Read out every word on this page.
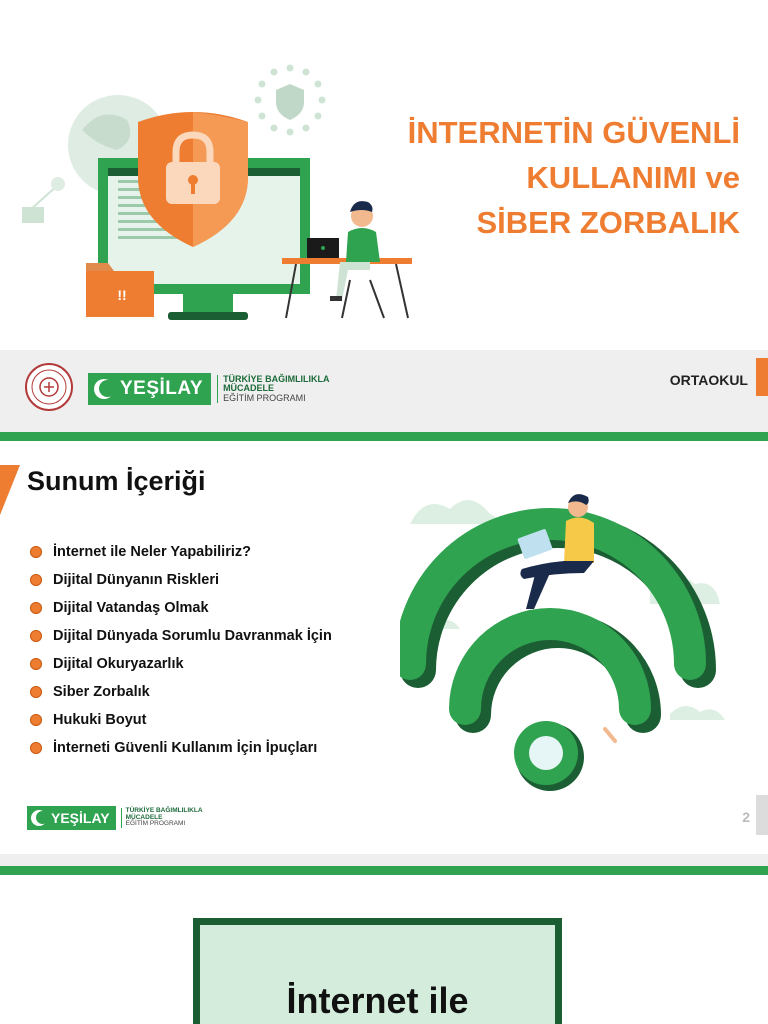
!!
İNTERNETİN GÜVENLİ
KULLANIMI ve
SİBER ZORBALIK
YEŞİLAY TÜRKİYE BAĞIMLILIKLA
MÜCADELE
EĞİTİM PROGRAMI
ORTAOKUL
Sunum İçeriği
İnternet ile Neler Yapabiliriz?
Dijital Dünyanın Riskleri
Dijital Vatandaş Olmak
Dijital Dünyada Sorumlu Davranmak İçin
Dijital Okuryazarlık
Siber Zorbalık
Hukuki Boyut
İnterneti Güvenli Kullanım İçin İpuçları
YEŞİLAY TÜRKİYE BAĞIMLILIKLA
MÜCADELE
EĞİTİM PROGRAMI	2
İnternet ile
